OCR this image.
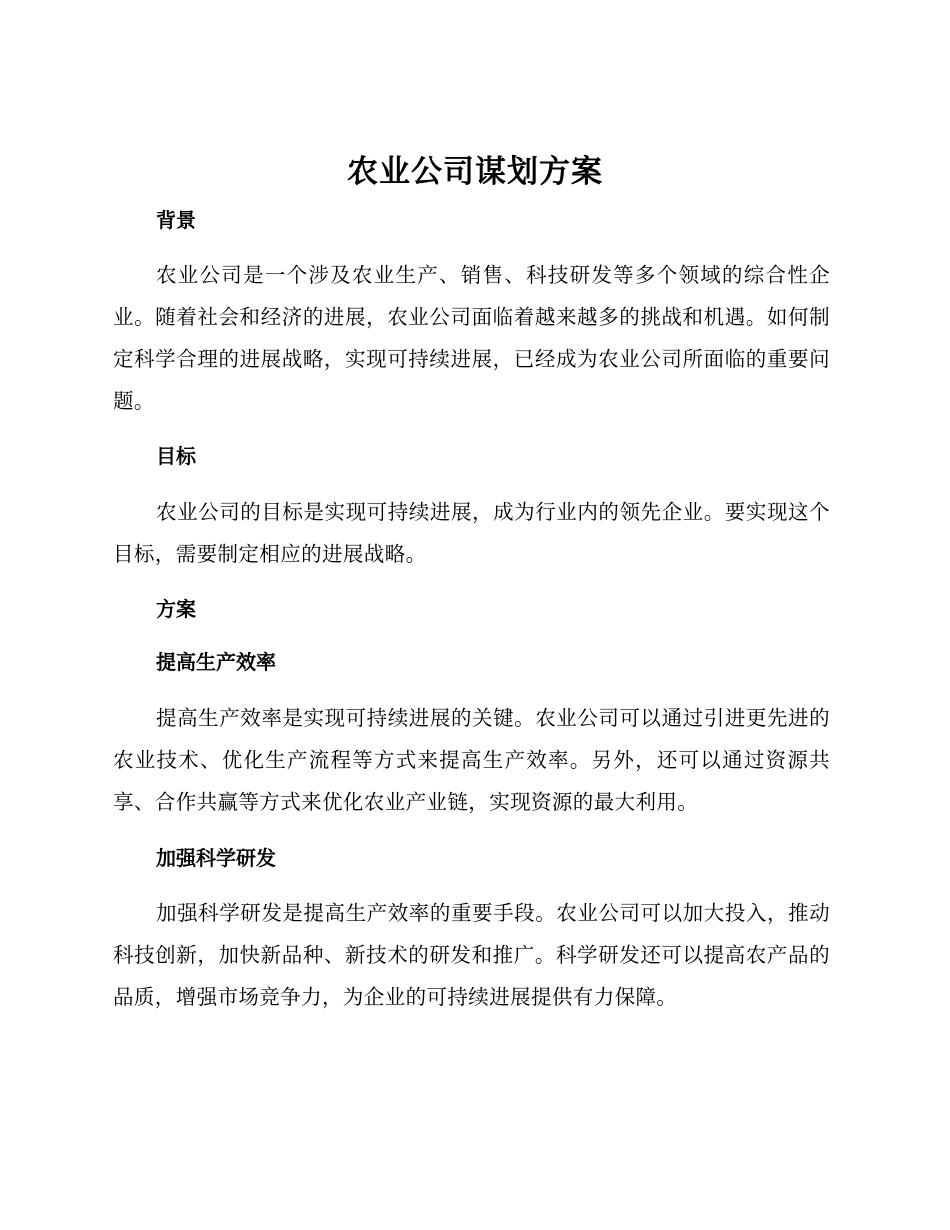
农业公司谋划方案
背景
农业公司是一个涉及农业生产、销售、科技研发等多个领域的综合性企业。随着社会和经济的进展，农业公司面临着越来越多的挑战和机遇。如何制定科学合理的进展战略，实现可持续进展，已经成为农业公司所面临的重要问题。
目标
农业公司的目标是实现可持续进展，成为行业内的领先企业。要实现这个目标，需要制定相应的进展战略。
方案
提高生产效率
提高生产效率是实现可持续进展的关键。农业公司可以通过引进更先进的农业技术、优化生产流程等方式来提高生产效率。另外，还可以通过资源共享、合作共赢等方式来优化农业产业链，实现资源的最大利用。
加强科学研发
加强科学研发是提高生产效率的重要手段。农业公司可以加大投入，推动科技创新，加快新品种、新技术的研发和推广。科学研发还可以提高农产品的品质，增强市场竞争力，为企业的可持续进展提供有力保障。
